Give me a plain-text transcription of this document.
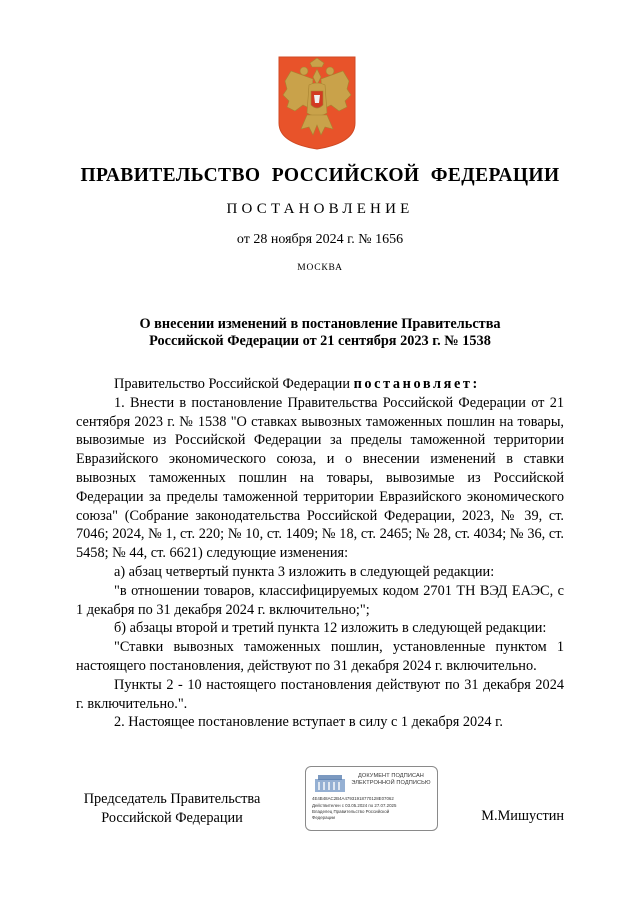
ПРАВИТЕЛЬСТВО РОССИЙСКОЙ ФЕДЕРАЦИИ
ПОСТАНОВЛЕНИЕ
от 28 ноября 2024 г. № 1656
МОСКВА
О внесении изменений в постановление Правительства
Российской Федерации от 21 сентября 2023 г. № 1538

Правительство Российской Федерации постановляет:

1. Внести в постановление Правительства Российской Федерации от 21 сентября 2023 г. № 1538 "О ставках вывозных таможенных пошлин на товары, вывозимые из Российской Федерации за пределы таможенной территории Евразийского экономического союза, и о внесении изменений в ставки вывозных таможенных пошлин на товары, вывозимые из Российской Федерации за пределы таможенной территории Евразийского экономического союза" (Собрание законодательства Российской Федерации, 2023, № 39, ст. 7046; 2024, № 1, ст. 220; № 10, ст. 1409; № 18, ст. 2465; № 28, ст. 4034; № 36, ст. 5458; № 44, ст. 6621) следующие изменения:

а) абзац четвертый пункта 3 изложить в следующей редакции:

"в отношении товаров, классифицируемых кодом 2701 ТН ВЭД ЕАЭС, с 1 декабря по 31 декабря 2024 г. включительно;";

б) абзацы второй и третий пункта 12 изложить в следующей редакции:

"Ставки вывозных таможенных пошлин, установленные пунктом 1 настоящего постановления, действуют по 31 декабря 2024 г. включительно.

Пункты 2 - 10 настоящего постановления действуют по 31 декабря 2024 г. включительно.".

2. Настоящее постановление вступает в силу с 1 декабря 2024 г.

Председатель Правительства
Российской Федерации
ДОКУМЕНТ ПОДПИСАН
ЭЛЕКТРОННОЙ ПОДПИСЬЮ
4E4B48AC2B4A47931918770128E07062
Действителен с 03.05.2024 по 27.07.2025
Владелец Правительство Российской
Федерации	М.Мишустин
